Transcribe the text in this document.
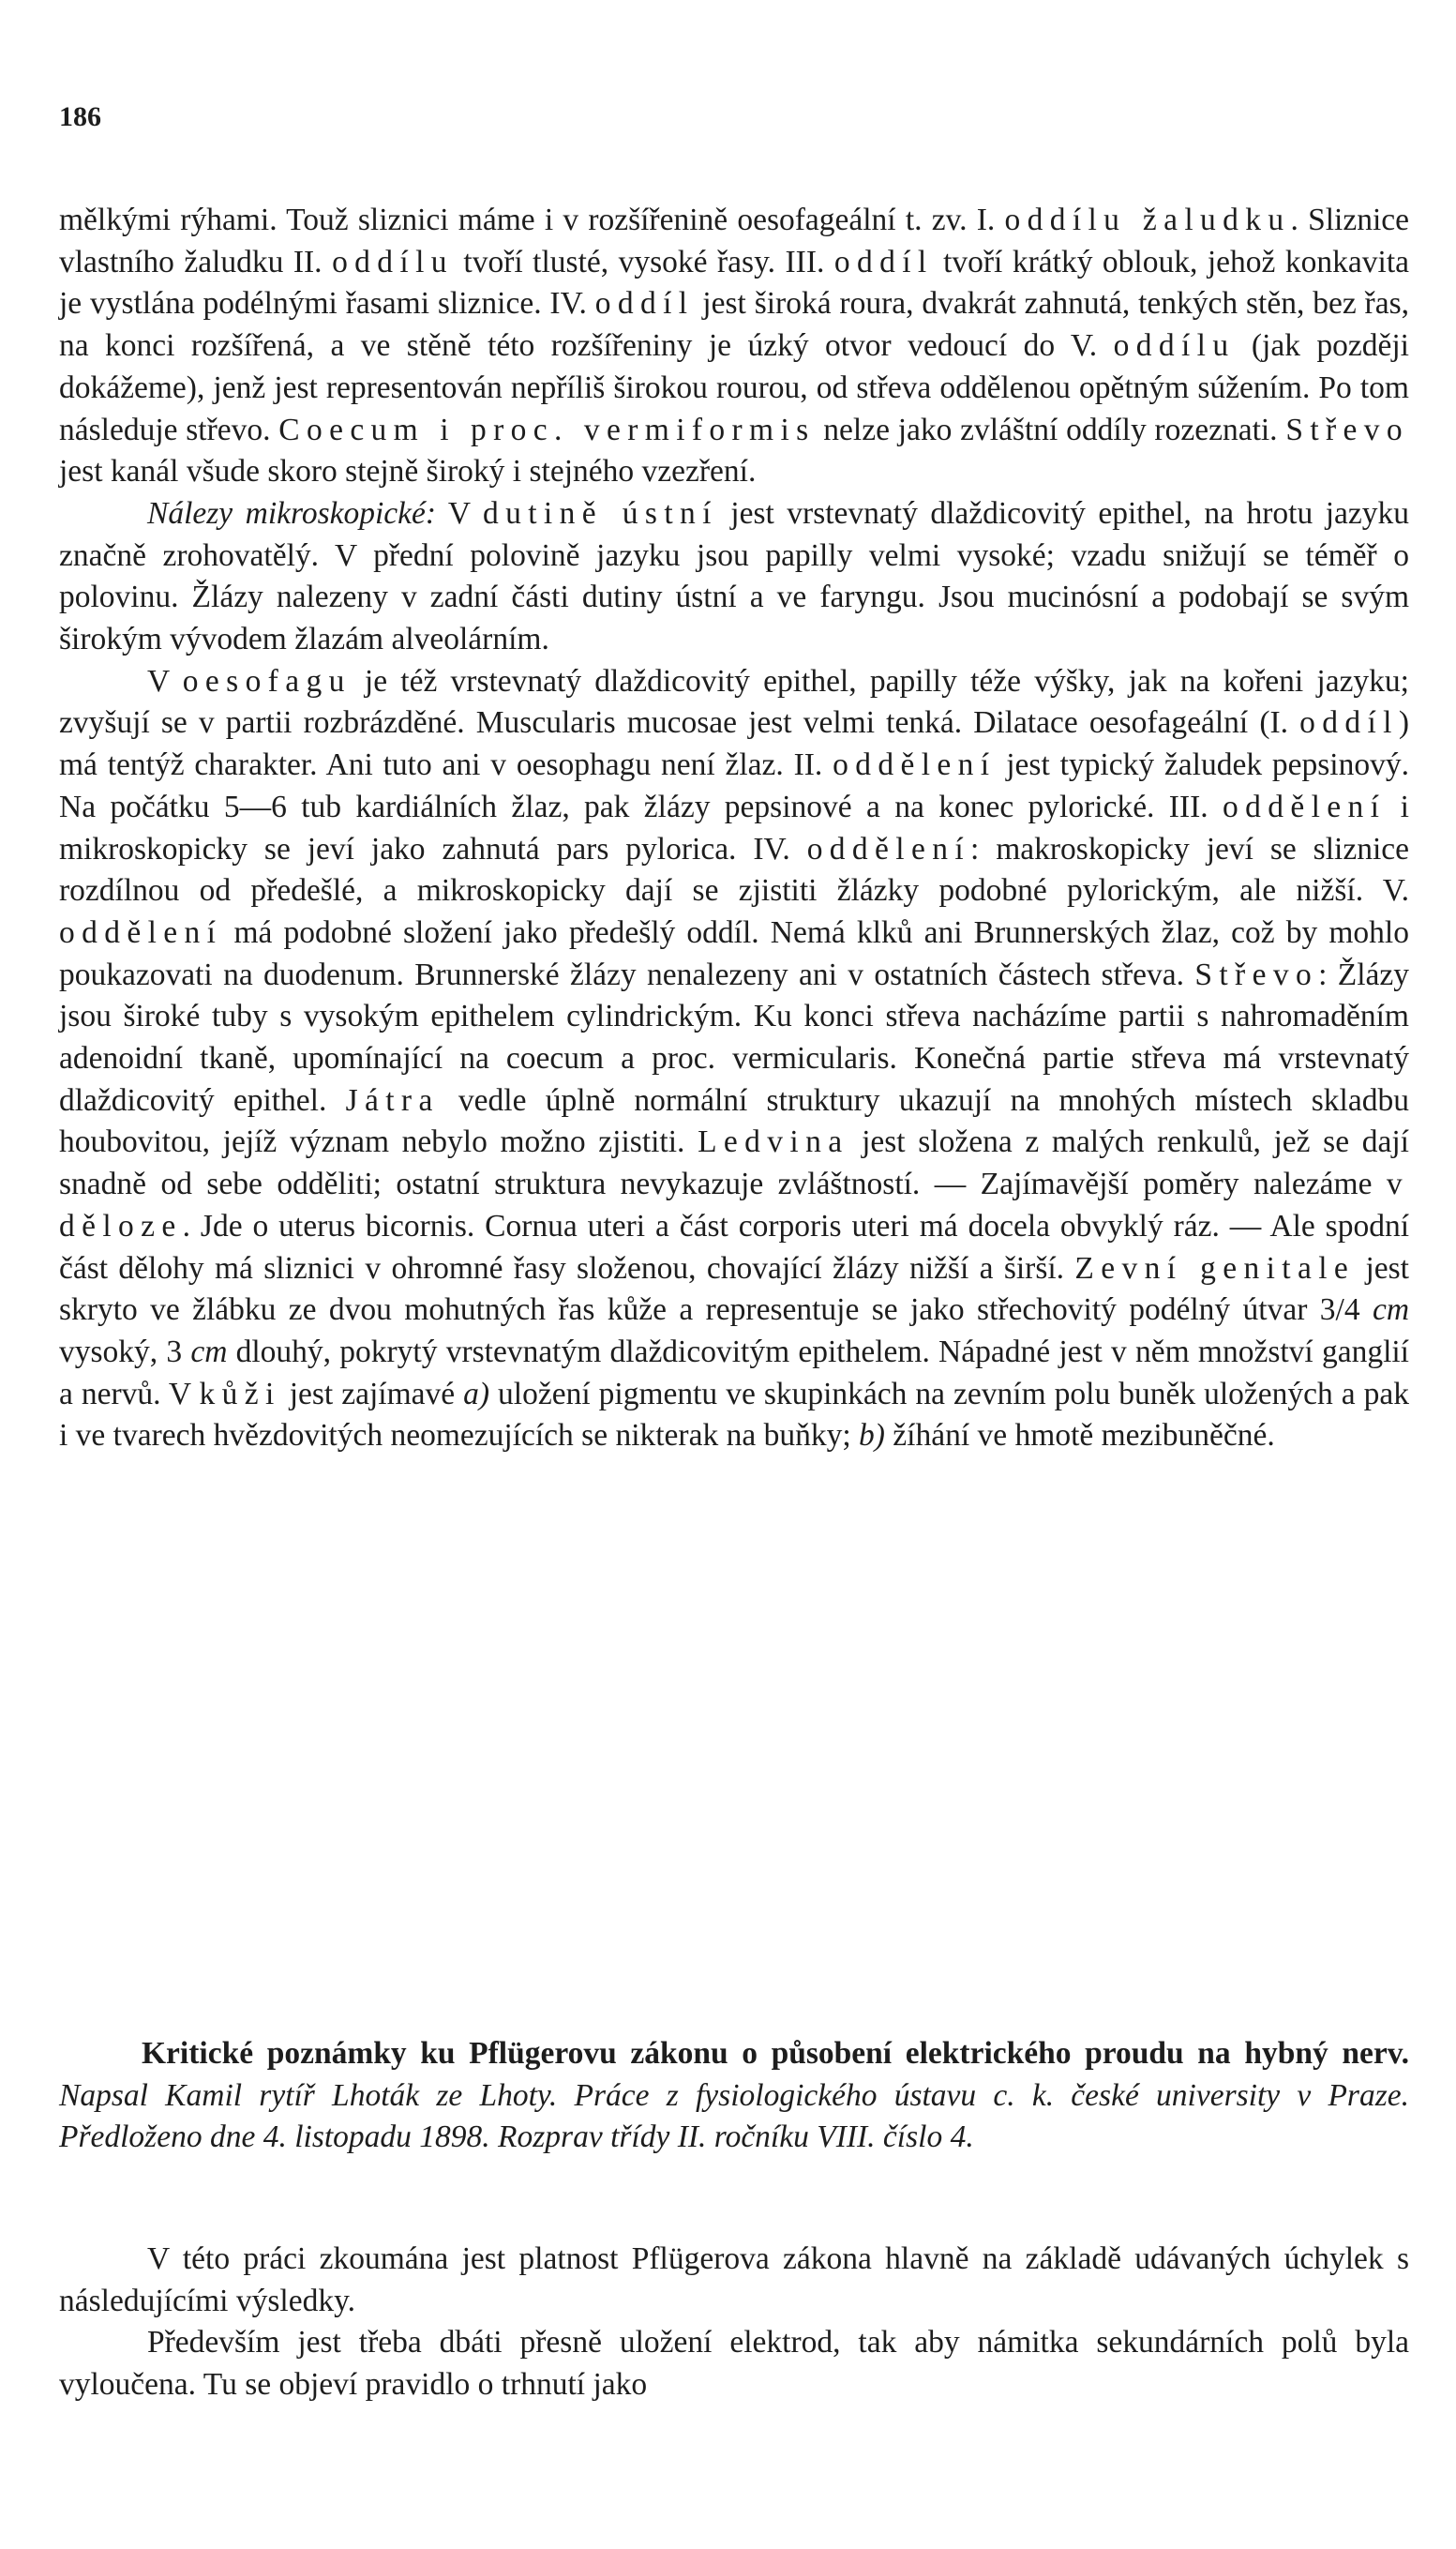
186

mělkými rýhami. Touž sliznici máme i v rozšířenině oesofageální t. zv. I. oddílu žaludku. Sliznice vlastního žaludku II. oddílu tvoří tlusté, vysoké řasy. III. oddíl tvoří krátký oblouk, jehož konkavita je vystlána podélnými řasami sliznice. IV. oddíl jest široká roura, dvakrát zahnutá, tenkých stěn, bez řas, na konci rozšířená, a ve stěně této rozšířeniny je úzký otvor vedoucí do V. oddílu (jak později dokážeme), jenž jest representován nepříliš širokou rourou, od střeva oddělenou opětným súžením. Po tom následuje střevo. Coecum i proc. vermiformis nelze jako zvláštní oddíly rozeznati. Střevo jest kanál všude skoro stejně široký i stejného vzezření.

Nálezy mikroskopické: V dutině ústní jest vrstevnatý dlaždicovitý epithel, na hrotu jazyku značně zrohovatělý. V přední polovině jazyku jsou papilly velmi vysoké; vzadu snižují se téměř o polovinu. Žlázy nalezeny v zadní části dutiny ústní a ve faryngu. Jsou mucinósní a podobají se svým širokým vývodem žlazám alveolárním.

V oesofagu je též vrstevnatý dlaždicovitý epithel, papilly téže výšky, jak na kořeni jazyku; zvyšují se v partii rozbrázděné. Muscularis mucosae jest velmi tenká. Dilatace oesofageální (I. oddíl) má tentýž charakter. Ani tuto ani v oesophagu není žlaz. II. oddělení jest typický žaludek pepsinový. Na počátku 5—6 tub kardiálních žlaz, pak žlázy pepsinové a na konec pylorické. III. oddělení i mikroskopicky se jeví jako zahnutá pars pylorica. IV. oddělení: makroskopicky jeví se sliznice rozdílnou od předešlé, a mikroskopicky dají se zjistiti žlázky podobné pylorickým, ale nižší. V. oddělení má podobné složení jako předešlý oddíl. Nemá klků ani Brunnerských žlaz, což by mohlo poukazovati na duodenum. Brunnerské žlázy nenalezeny ani v ostatních částech střeva. Střevo: Žlázy jsou široké tuby s vysokým epithelem cylindrickým. Ku konci střeva nacházíme partii s nahromaděním adenoidní tkaně, upomínající na coecum a proc. vermicularis. Konečná partie střeva má vrstevnatý dlaždicovitý epithel. Játra vedle úplně normální struktury ukazují na mnohých místech skladbu houbovitou, jejíž význam nebylo možno zjistiti. Ledvina jest složena z malých renkulů, jež se dají snadně od sebe odděliti; ostatní struktura nevykazuje zvláštností. — Zajímavější poměry nalezáme v děloze. Jde o uterus bicornis. Cornua uteri a část corporis uteri má docela obvyklý ráz. — Ale spodní část dělohy má sliznici v ohromné řasy složenou, chovající žlázy nižší a širší. Zevní genitale jest skryto ve žlábku ze dvou mohutných řas kůže a representuje se jako střechovitý podélný útvar 3/4 cm vysoký, 3 cm dlouhý, pokrytý vrstevnatým dlaždicovitým epithelem. Nápadné jest v něm množství ganglií a nervů. V kůži jest zajímavé a) uložení pigmentu ve skupinkách na zevním polu buněk uložených a pak i ve tvarech hvězdovitých neomezujících se nikterak na buňky; b) žíhání ve hmotě mezibuněčné.

Kritické poznámky ku Pflügerovu zákonu o působení elektrického proudu na hybný nerv. Napsal Kamil rytíř Lhoták ze Lhoty. Práce z fysiologického ústavu c. k. české university v Praze. Předloženo dne 4. listopadu 1898. Rozprav třídy II. ročníku VIII. číslo 4.

V této práci zkoumána jest platnost Pflügerova zákona hlavně na základě udávaných úchylek s následujícími výsledky.

Především jest třeba dbáti přesně uložení elektrod, tak aby námitka sekundárních polů byla vyloučena. Tu se objeví pravidlo o trhnutí jako
